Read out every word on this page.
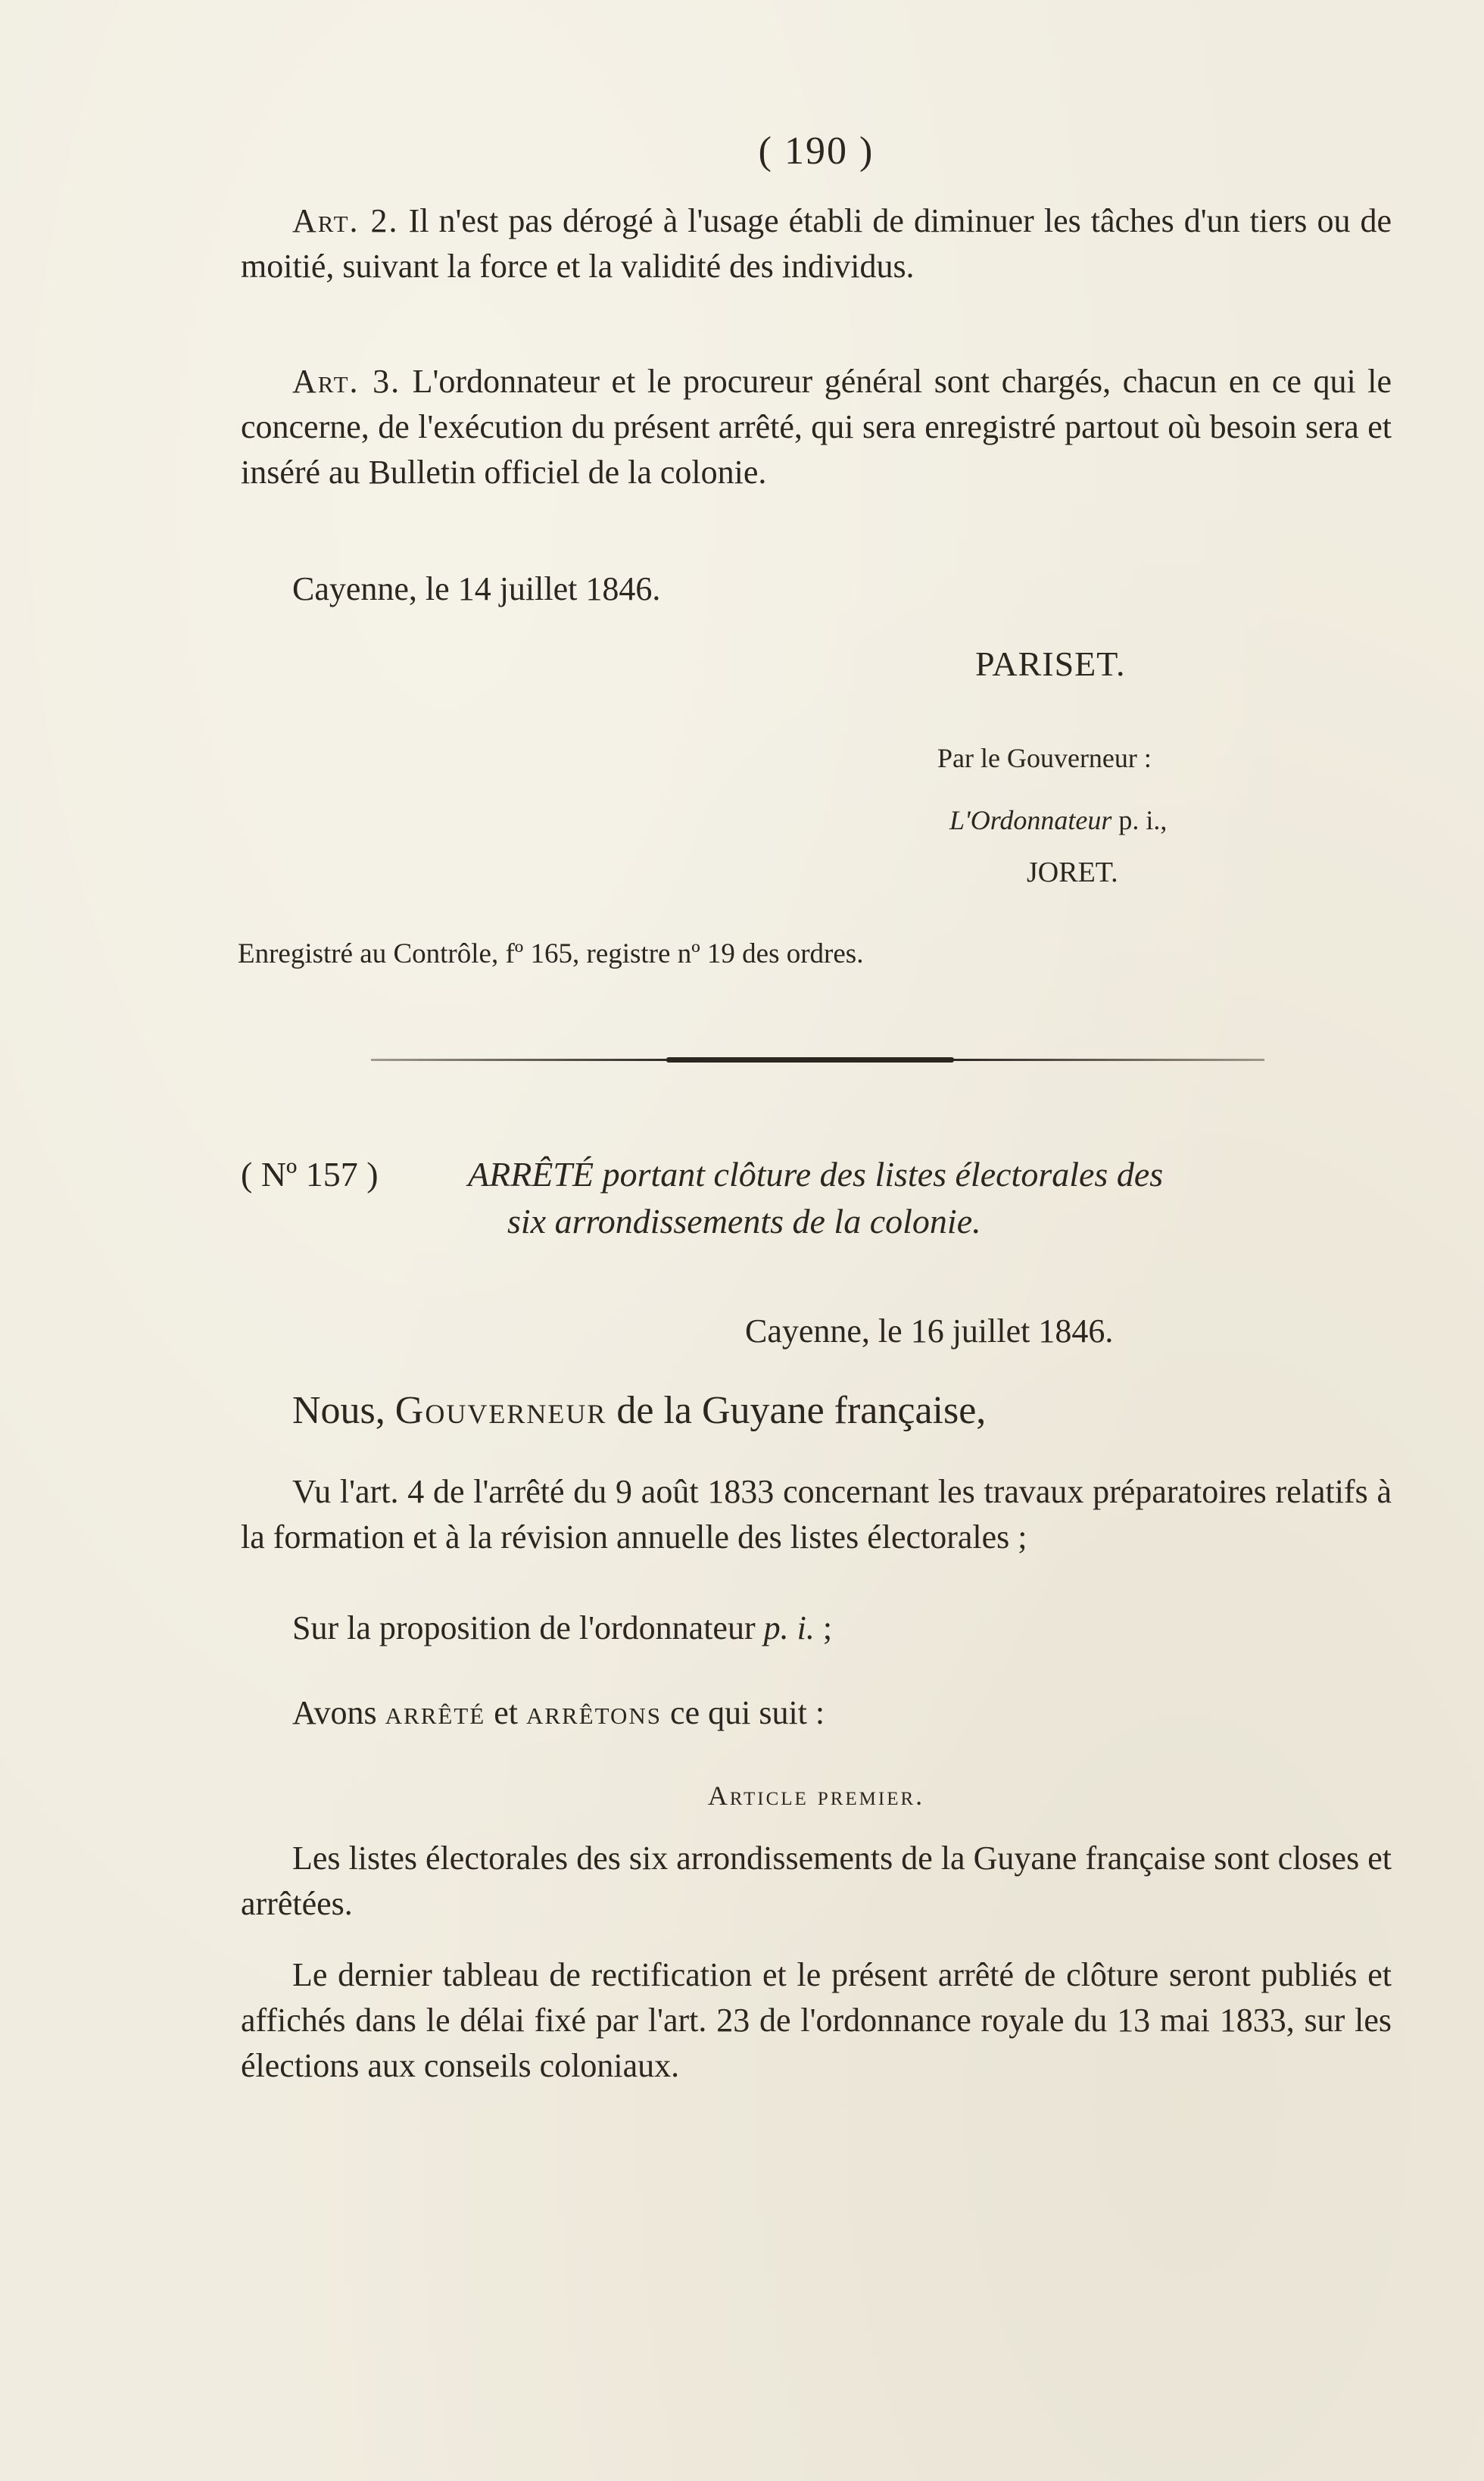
( 190 )

Art. 2. Il n'est pas dérogé à l'usage établi de diminuer les tâches d'un tiers ou de moitié, suivant la force et la validité des individus.

Art. 3. L'ordonnateur et le procureur général sont chargés, chacun en ce qui le concerne, de l'exécution du présent arrêté, qui sera enregistré partout où besoin sera et inséré au Bulletin officiel de la colonie.

Cayenne, le 14 juillet 1846.

PARISET.
Par le Gouverneur :
L'Ordonnateur p. i.,
JORET.
Enregistré au Contrôle, fº 165, registre nº 19 des ordres.
( Nº 157 )	ARRÊTÉ portant clôture des listes électorales des
six arrondissements de la colonie.

Cayenne, le 16 juillet 1846.

Nous, Gouverneur de la Guyane française,

Vu l'art. 4 de l'arrêté du 9 août 1833 concernant les travaux préparatoires relatifs à la formation et à la révision annuelle des listes électorales ;

Sur la proposition de l'ordonnateur p. i. ;

Avons arrêté et arrêtons ce qui suit :

Article premier.

Les listes électorales des six arrondissements de la Guyane française sont closes et arrêtées.

Le dernier tableau de rectification et le présent arrêté de clôture seront publiés et affichés dans le délai fixé par l'art. 23 de l'ordonnance royale du 13 mai 1833, sur les élections aux conseils coloniaux.
